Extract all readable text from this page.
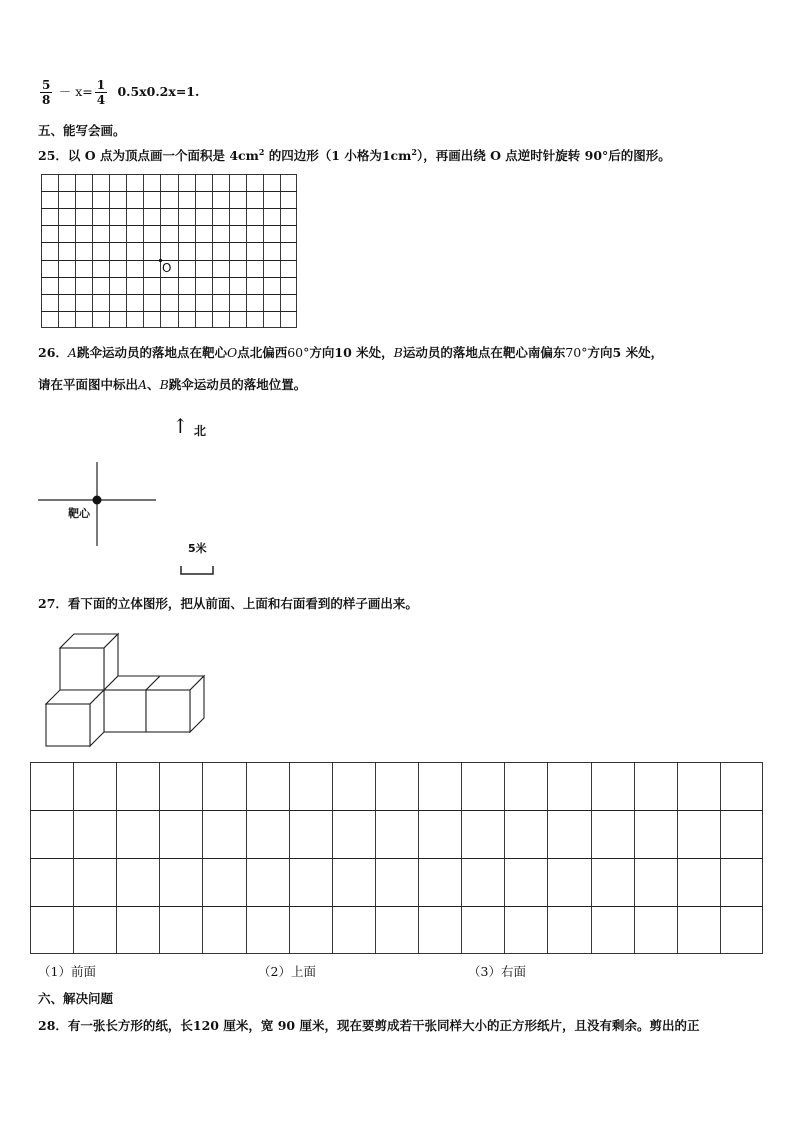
$\frac{5}{8} - x= \frac{1}{4} 0.5x0.2x=1$.
五、能写会画。
25．以 O 点为顶点画一个面积是 $4cm^2$ 的四边形（1 小格为$1cm^2$），再画出绕 O 点逆时针旋转 90°后的图形。
O
26．A跳伞运动员的落地点在靶心O点北偏西60°方向10 米处，B运动员的落地点在靶心南偏东70°方向5 米处，
请在平面图中标出A、B跳伞运动员的落地位置。
↑ 北
靶心
5米
27．看下面的立体图形，把从前面、上面和右面看到的样子画出来。
（1）前面	（2）上面	（3）右面
六、解决问题
28．有一张长方形的纸，长120 厘米，宽 90 厘米，现在要剪成若干张同样大小的正方形纸片，且没有剩余。剪出的正
